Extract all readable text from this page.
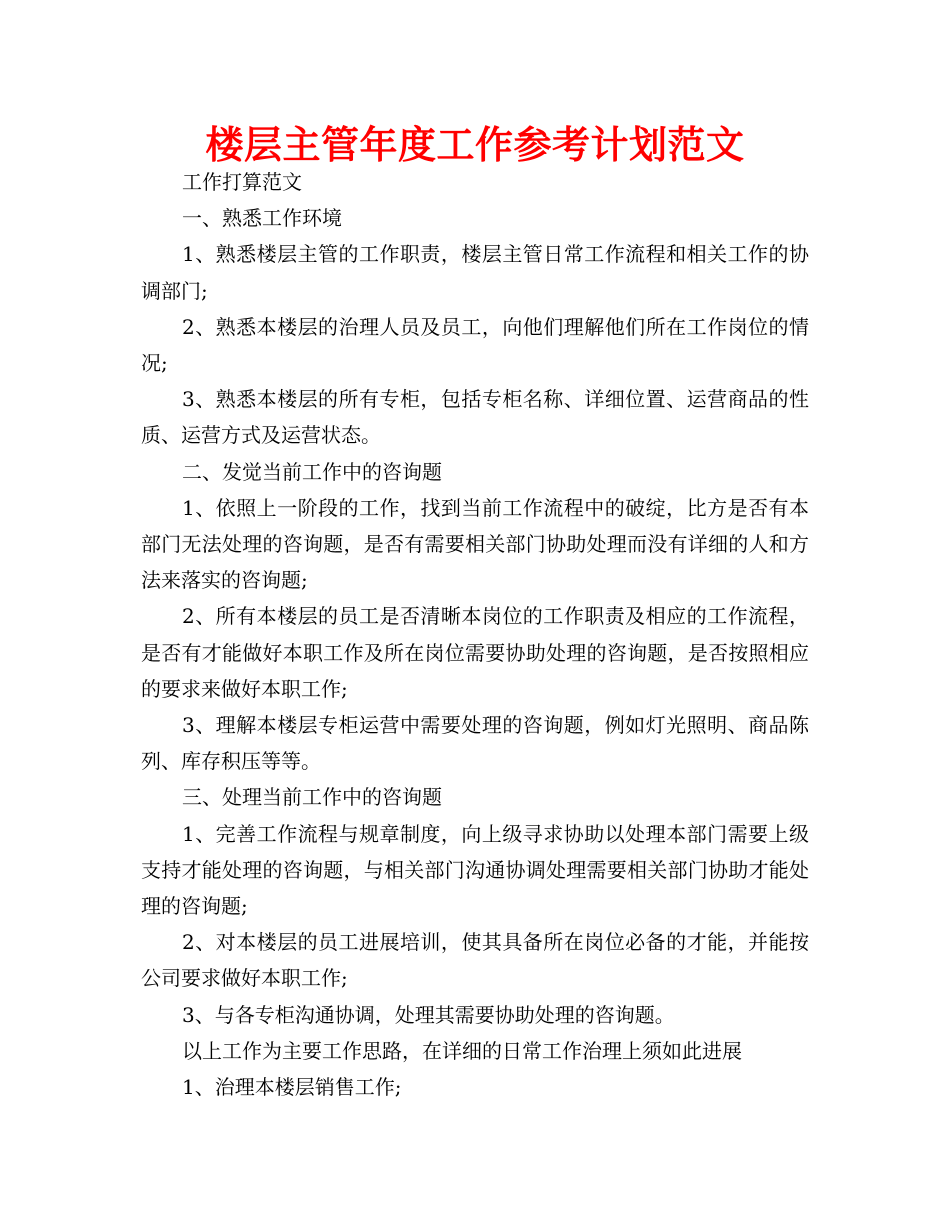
楼层主管年度工作参考计划范文

工作打算范文

一、熟悉工作环境

1、熟悉楼层主管的工作职责，楼层主管日常工作流程和相关工作的协调部门;

2、熟悉本楼层的治理人员及员工，向他们理解他们所在工作岗位的情况;

3、熟悉本楼层的所有专柜，包括专柜名称、详细位置、运营商品的性质、运营方式及运营状态。

二、发觉当前工作中的咨询题

1、依照上一阶段的工作，找到当前工作流程中的破绽，比方是否有本部门无法处理的咨询题，是否有需要相关部门协助处理而没有详细的人和方法来落实的咨询题;

2、所有本楼层的员工是否清晰本岗位的工作职责及相应的工作流程，是否有才能做好本职工作及所在岗位需要协助处理的咨询题，是否按照相应的要求来做好本职工作;

3、理解本楼层专柜运营中需要处理的咨询题，例如灯光照明、商品陈列、库存积压等等。

三、处理当前工作中的咨询题

1、完善工作流程与规章制度，向上级寻求协助以处理本部门需要上级支持才能处理的咨询题，与相关部门沟通协调处理需要相关部门协助才能处理的咨询题;

2、对本楼层的员工进展培训，使其具备所在岗位必备的才能，并能按公司要求做好本职工作;

3、与各专柜沟通协调，处理其需要协助处理的咨询题。

以上工作为主要工作思路，在详细的日常工作治理上须如此进展

1、治理本楼层销售工作;
